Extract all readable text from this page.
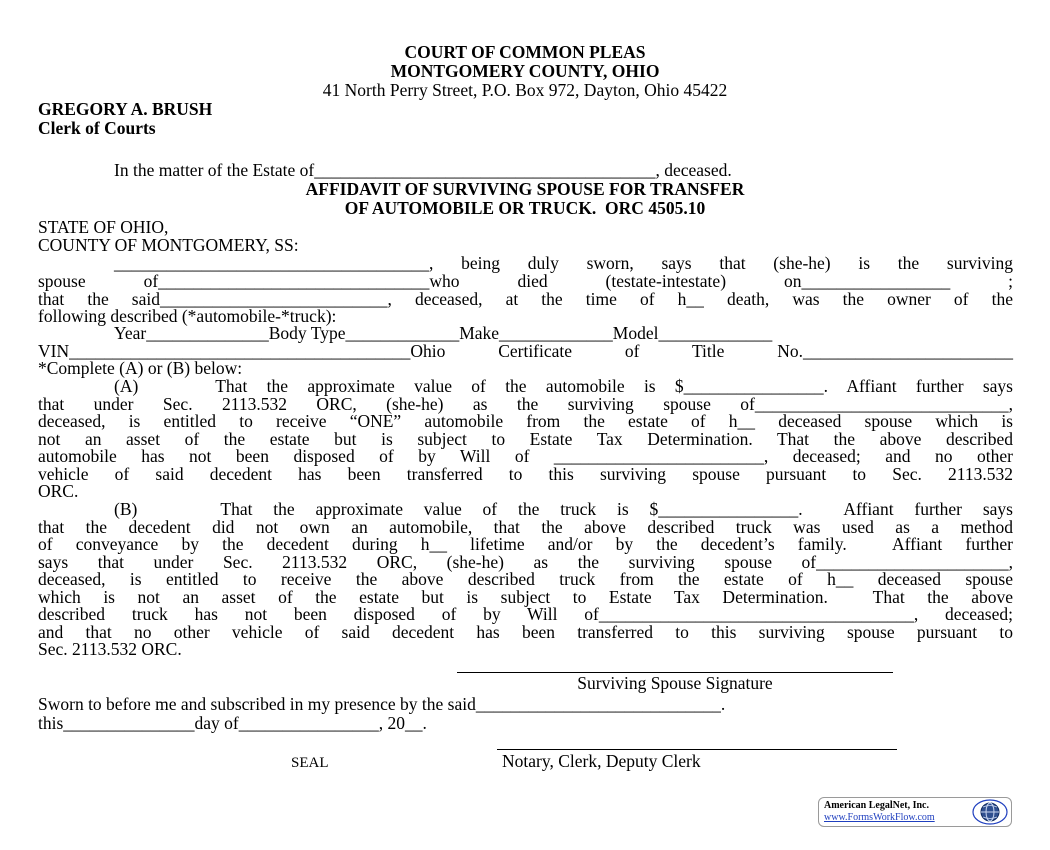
COURT OF COMMON PLEAS
MONTGOMERY COUNTY, OHIO
41 North Perry Street, P.O. Box 972, Dayton, Ohio 45422
GREGORY A. BRUSH
Clerk of Courts
In the matter of the Estate of_______________________________________, deceased.
AFFIDAVIT OF SURVIVING SPOUSE FOR TRANSFER
OF AUTOMOBILE OR TRUCK.  ORC 4505.10
STATE OF OHIO,
COUNTY OF MONTGOMERY, SS:
____________________________________, being duly sworn, says that (she-he) is the surviving
spouse of_______________________________who died (testate-intestate) on_________________ ;
that the said__________________________, deceased, at the time of h__ death, was the owner of the
following described (*automobile-*truck):
Year______________Body Type_____________Make_____________Model_____________
VIN_______________________________________Ohio Certificate of Title No.________________________
*Complete (A) or (B) below:
(A)    That the approximate value of the automobile is $________________. Affiant further says
that under Sec. 2113.532 ORC, (she-he) as the surviving spouse of_____________________________,
deceased, is entitled to receive “ONE” automobile from the estate of h__ deceased spouse which is
not an asset of the estate but is subject to Estate Tax Determination. That the above described
automobile has not been disposed of by Will of ________________________, deceased; and no other
vehicle of said decedent has been transferred to this surviving spouse pursuant to Sec. 2113.532
ORC.
(B)    That the approximate value of the truck is $________________.  Affiant further says
that the decedent did not own an automobile, that the above described truck was used as a method
of conveyance by the decedent during h__ lifetime and/or by the decedent’s family.  Affiant further
says that under Sec. 2113.532 ORC, (she-he) as the surviving spouse of______________________,
deceased, is entitled to receive the above described truck from the estate of h__ deceased spouse
which is not an asset of the estate but is subject to Estate Tax Determination.  That the above
described truck has not been disposed of by Will of____________________________________, deceased;
and that no other vehicle of said decedent has been transferred to this surviving spouse pursuant to
Sec. 2113.532 ORC.
Surviving Spouse Signature
Sworn to before me and subscribed in my presence by the said____________________________.
this_______________day of________________, 20__.
SEAL	Notary, Clerk, Deputy Clerk
American LegalNet, Inc.
www.FormsWorkFlow.com
